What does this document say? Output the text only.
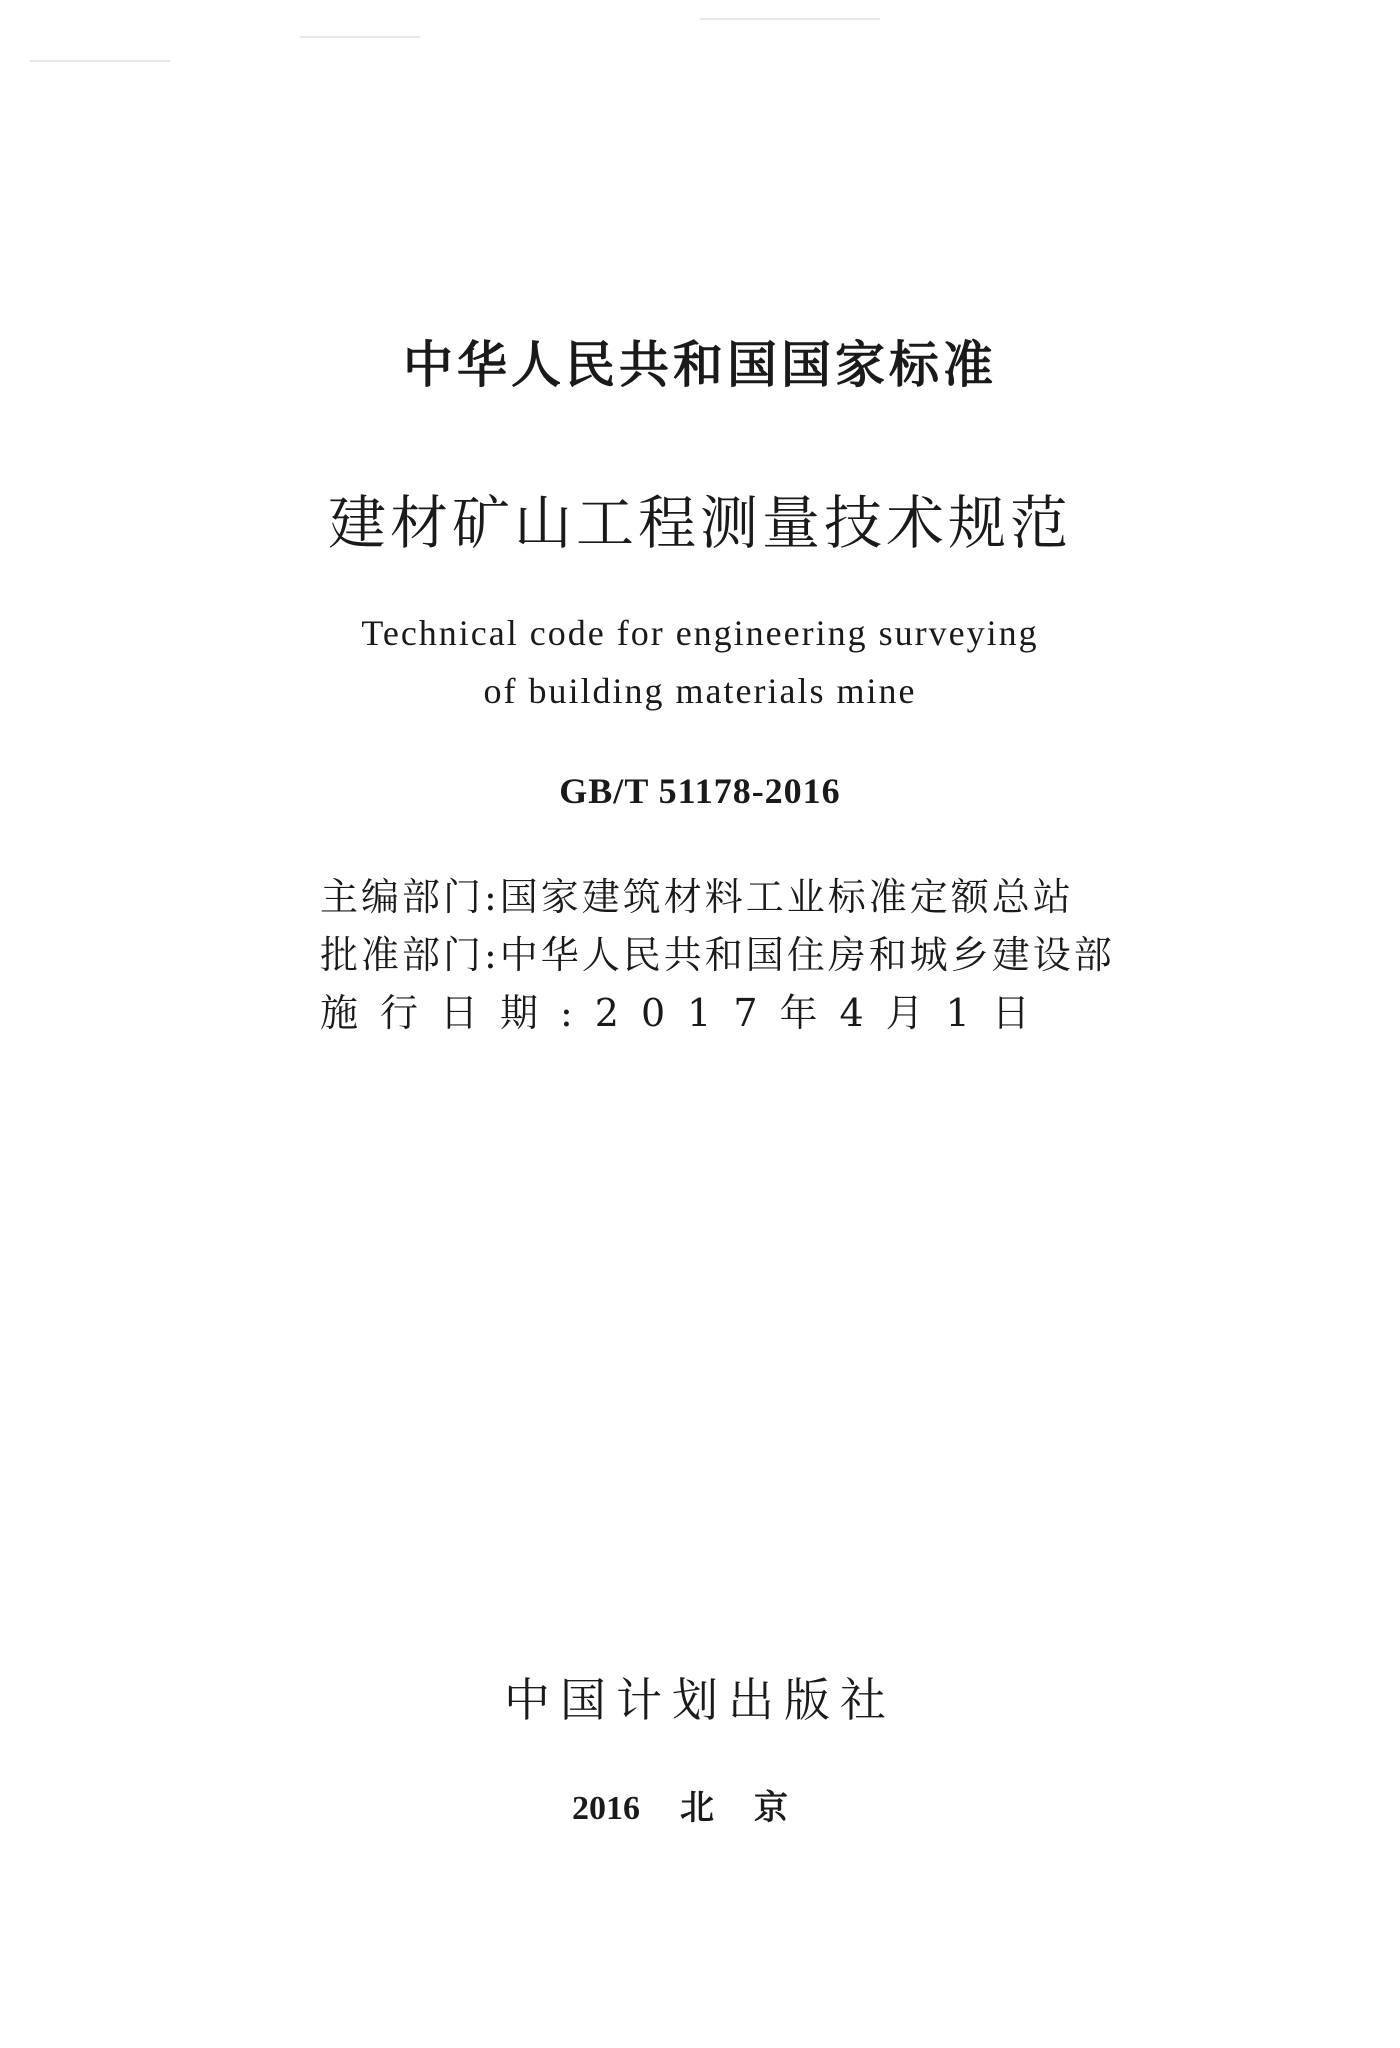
中华人民共和国国家标准
建材矿山工程测量技术规范
Technical code for engineering surveying
of building materials mine
GB/T 51178-2016
主编部门:国家建筑材料工业标准定额总站
批准部门:中华人民共和国住房和城乡建设部
施行日期:2017年4月1日
中国计划出版社
2016 北京
